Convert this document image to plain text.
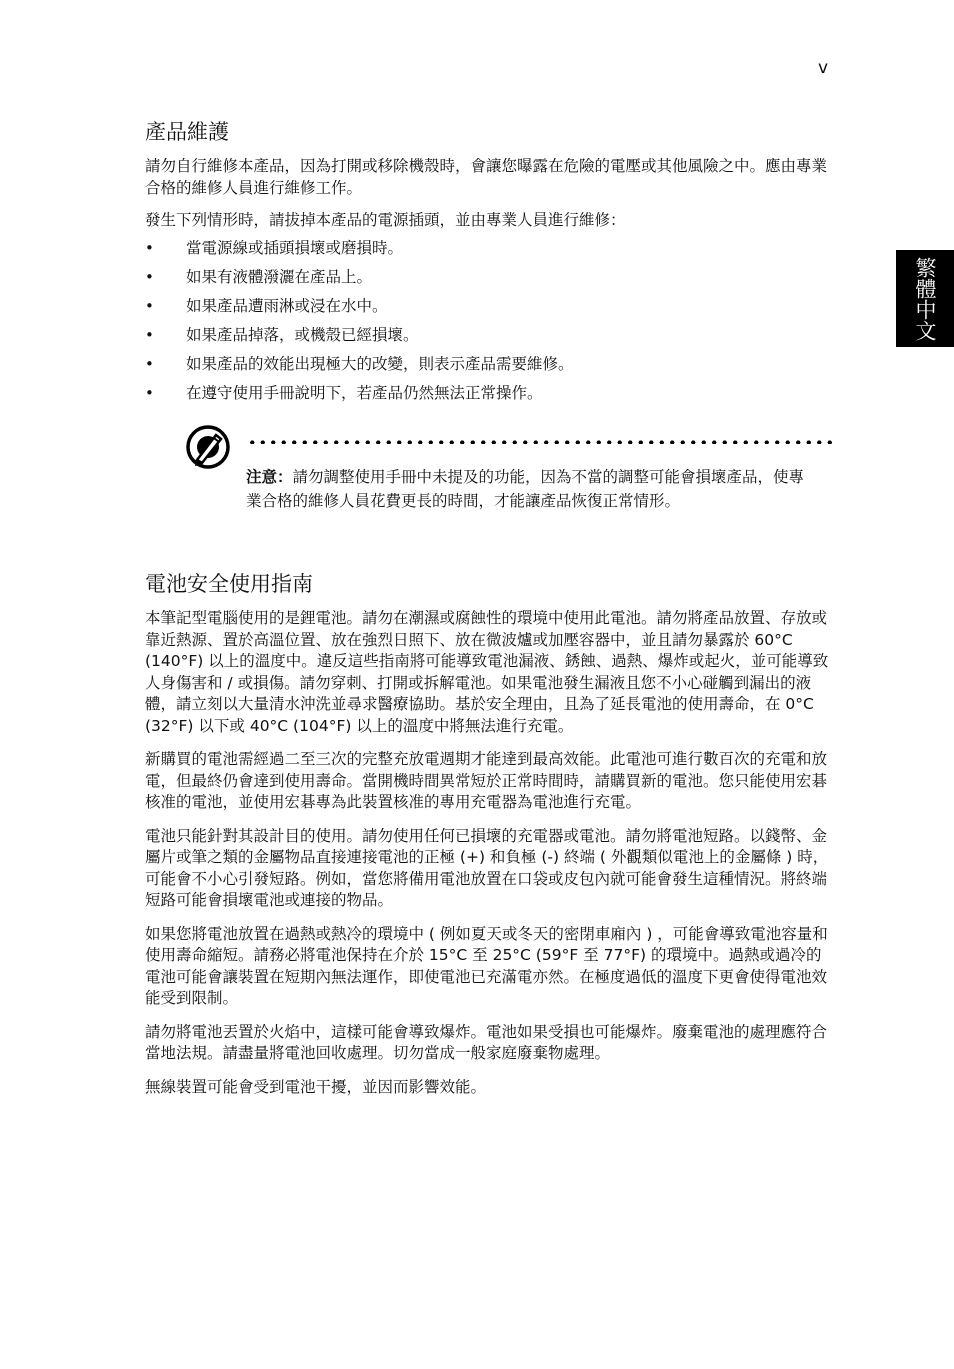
v
繁體中文
產品維護

請勿自行維修本產品，因為打開或移除機殼時，會讓您曝露在危險的電壓或其他風險之中。應由專業合格的維修人員進行維修工作。

發生下列情形時，請拔掉本產品的電源插頭，並由專業人員進行維修：

• 當電源線或插頭損壞或磨損時。
• 如果有液體潑灑在產品上。
• 如果產品遭雨淋或浸在水中。
• 如果產品掉落，或機殼已經損壞。
• 如果產品的效能出現極大的改變，則表示產品需要維修。
• 在遵守使用手冊說明下，若產品仍然無法正常操作。
注意：請勿調整使用手冊中未提及的功能，因為不當的調整可能會損壞產品，使專業合格的維修人員花費更長的時間，才能讓產品恢復正常情形。
電池安全使用指南

本筆記型電腦使用的是鋰電池。請勿在潮濕或腐蝕性的環境中使用此電池。請勿將產品放置、存放或靠近熱源、置於高溫位置、放在強烈日照下、放在微波爐或加壓容器中，並且請勿暴露於 60°C (140°F) 以上的溫度中。違反這些指南將可能導致電池漏液、銹蝕、過熱、爆炸或起火，並可能導致人身傷害和 / 或損傷。請勿穿刺、打開或拆解電池。如果電池發生漏液且您不小心碰觸到漏出的液體，請立刻以大量清水沖洗並尋求醫療協助。基於安全理由，且為了延長電池的使用壽命，在 0°C (32°F) 以下或 40°C (104°F) 以上的溫度中將無法進行充電。

新購買的電池需經過二至三次的完整充放電週期才能達到最高效能。此電池可進行數百次的充電和放電，但最終仍會達到使用壽命。當開機時間異常短於正常時間時，請購買新的電池。您只能使用宏碁核准的電池，並使用宏碁專為此裝置核准的專用充電器為電池進行充電。

電池只能針對其設計目的使用。請勿使用任何已損壞的充電器或電池。請勿將電池短路。以錢幣、金屬片或筆之類的金屬物品直接連接電池的正極 (+) 和負極 (-) 終端 ( 外觀類似電池上的金屬條 ) 時，可能會不小心引發短路。例如，當您將備用電池放置在口袋或皮包內就可能會發生這種情況。將終端短路可能會損壞電池或連接的物品。

如果您將電池放置在過熱或熱冷的環境中 ( 例如夏天或冬天的密閉車廂內 ) ，可能會導致電池容量和使用壽命縮短。請務必將電池保持在介於 15°C 至 25°C (59°F 至 77°F) 的環境中。過熱或過冷的電池可能會讓裝置在短期內無法運作，即使電池已充滿電亦然。在極度過低的溫度下更會使得電池效能受到限制。

請勿將電池丟置於火焰中，這樣可能會導致爆炸。電池如果受損也可能爆炸。廢棄電池的處理應符合當地法規。請盡量將電池回收處理。切勿當成一般家庭廢棄物處理。

無線裝置可能會受到電池干擾，並因而影響效能。
